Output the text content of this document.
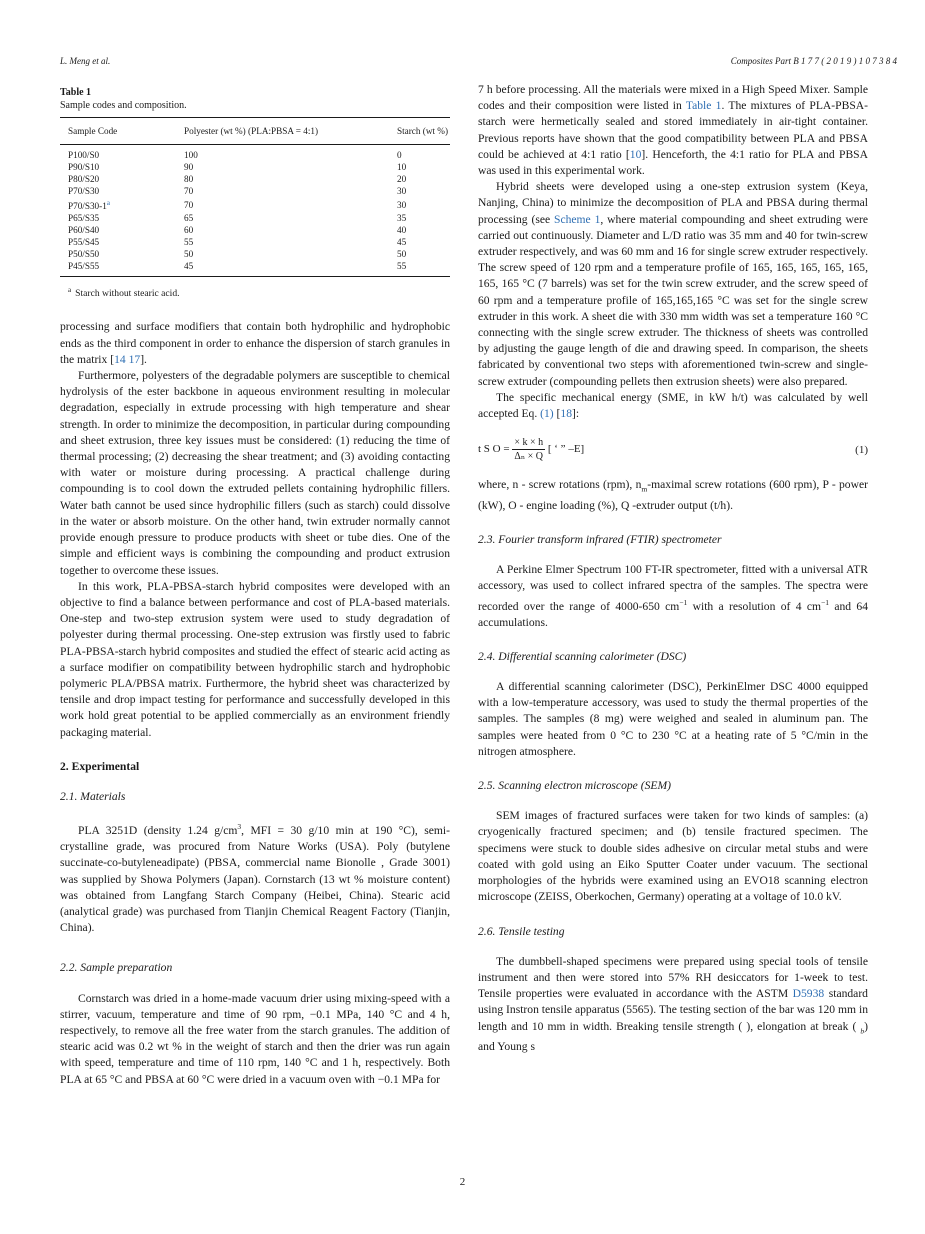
L. Meng et al.	Composites Part B 1 7 7 ( 2 0 1 9 ) 1 0 7 3 8 4
Table 1
Sample codes and composition.
Sample Code	Polyester (wt %) (PLA:PBSA = 4:1)	Starch (wt %)
P100/S0	100	0
P90/S10	90	10
P80/S20	80	20
P70/S30	70	30
P70/S30-1$^a$	70	30
P65/S35	65	35
P60/S40	60	40
P55/S45	55	45
P50/S50	50	50
P45/S55	45	55
$^a$ Starch without stearic acid.

processing and surface modifiers that contain both hydrophilic and hydrophobic ends as the third component in order to enhance the dispersion of starch granules in the matrix [14 17].

Furthermore, polyesters of the degradable polymers are susceptible to chemical hydrolysis of the ester backbone in aqueous environment resulting in molecular degradation, especially in extrude processing with high temperature and shear strength. In order to minimize the decomposition, in particular during compounding and sheet extrusion, three key issues must be considered: (1) reducing the time of thermal processing; (2) decreasing the shear treatment; and (3) avoiding contacting with water or moisture during processing. A practical challenge during compounding is to cool down the extruded pellets containing hydrophilic fillers. Water bath cannot be used since hydrophilic fillers (such as starch) could dissolve in the water or absorb moisture. On the other hand, twin extruder normally cannot provide enough pressure to produce products with sheet or tube dies. One of the simple and efficient ways is combining the compounding and product extrusion together to overcome these issues.

In this work, PLA-PBSA-starch hybrid composites were developed with an objective to find a balance between performance and cost of PLA-based materials. One-step and two-step extrusion system were used to study degradation of polyester during thermal processing. One-step extrusion was firstly used to fabric PLA-PBSA-starch hybrid composites and studied the effect of stearic acid acting as a surface modifier on compatibility between hydrophilic starch and hydrophobic polymeric PLA/PBSA matrix. Furthermore, the hybrid sheet was characterized by tensile and drop impact testing for performance and successfully developed in this work hold great potential to be applied commercially as an environment friendly packaging material.

2. Experimental
2.1. Materials

PLA 3251D (density 1.24 $g/cm^3$, MFI = 30 g/10 min at 190 °C), semi-crystalline grade, was procured from Nature Works (USA). Poly (butylene succinate-co-butyleneadipate) (PBSA, commercial name Bionolle , Grade 3001) was supplied by Showa Polymers (Japan). Cornstarch (13 wt % moisture content) was obtained from Langfang Starch Company (Heibei, China). Stearic acid (analytical grade) was purchased from Tianjin Chemical Reagent Factory (Tianjin, China).

2.2. Sample preparation

Cornstarch was dried in a home-made vacuum drier using mixing-speed with a stirrer, vacuum, temperature and time of 90 rpm, −0.1 MPa, 140 °C and 4 h, respectively, to remove all the free water from the starch granules. The addition of stearic acid was 0.2 wt % in the weight of starch and then the drier was run again with speed, temperature and time of 110 rpm, 140 °C and 1 h, respectively. Both PLA at 65 °C and PBSA at 60 °C were dried in a vacuum oven with −0.1 MPa for

7 h before processing. All the materials were mixed in a High Speed Mixer. Sample codes and their composition were listed in Table 1. The mixtures of PLA-PBSA-starch were hermetically sealed and stored immediately in air-tight container. Previous reports have shown that the good compatibility between PLA and PBSA could be achieved at 4:1 ratio [10]. Henceforth, the 4:1 ratio for PLA and PBSA was used in this experimental work.

Hybrid sheets were developed using a one-step extrusion system (Keya, Nanjing, China) to minimize the decomposition of PLA and PBSA during thermal processing (see Scheme 1, where material compounding and sheet extruding were carried out continuously. Diameter and L/D ratio was 35 mm and 40 for twin-screw extruder respectively, and was 60 mm and 16 for single screw extruder respectively. The screw speed of 120 rpm and a temperature profile of 165, 165, 165, 165, 165, 165, 165 °C (7 barrels) was set for the twin screw extruder, and the screw speed of 60 rpm and a temperature profile of 165,165,165 °C was set for the single screw extruder in this work. A sheet die with 330 mm width was set a temperature 160 °C connecting with the single screw extruder. The thickness of sheets was controlled by adjusting the gauge length of die and drawing speed. In comparison, the sheets fabricated by conventional two steps with aforementioned twin-screw and single-screw extruder (compounding pellets then extrusion sheets) were also prepared.

The specific mechanical energy (SME, in kW h/t) was calculated by well accepted Eq. (1) [18]:

t S $O = \frac{\times k \times h}{\text{Δₙ × Q}}$ [ ‘ ” ‒E]	(1)

where, n - screw rotations (rpm), $n_m$-maximal screw rotations (600 rpm), P - power (kW), O - engine loading (%), Q -extruder output (t/h).

2.3. Fourier transform infrared (FTIR) spectrometer

A Perkine Elmer Spectrum 100 FT-IR spectrometer, fitted with a universal ATR accessory, was used to collect infrared spectra of the samples. The spectra were recorded over the range of 4000-650 $cm^{-1}$ with a resolution of 4 $cm^{-1}$ and 64 accumulations.

2.4. Differential scanning calorimeter (DSC)

A differential scanning calorimeter (DSC), PerkinElmer DSC 4000 equipped with a low-temperature accessory, was used to study the thermal properties of the samples. The samples (8 mg) were weighed and sealed in aluminum pan. The samples were heated from 0 °C to 230 °C at a heating rate of 5 °C/min in the nitrogen atmosphere.

2.5. Scanning electron microscope (SEM)

SEM images of fractured surfaces were taken for two kinds of samples: (a) cryogenically fractured specimen; and (b) tensile fractured specimen. The specimens were stuck to double sides adhesive on circular metal stubs and were coated with gold using an Eiko Sputter Coater under vacuum. The sectional morphologies of the hybrids were examined using an EVO18 scanning electron microscope (ZEISS, Oberkochen, Germany) operating at a voltage of 10.0 kV.

2.6. Tensile testing

The dumbbell-shaped specimens were prepared using special tools of tensile instrument and then were stored into 57% RH desiccators for 1-week to test. Tensile properties were evaluated in accordance with the ASTM D5938 standard using Instron tensile apparatus (5565). The testing section of the bar was 120 mm in length and 10 mm in width. Breaking tensile strength ( ), elongation at break ( $_b$) and Young s

2
